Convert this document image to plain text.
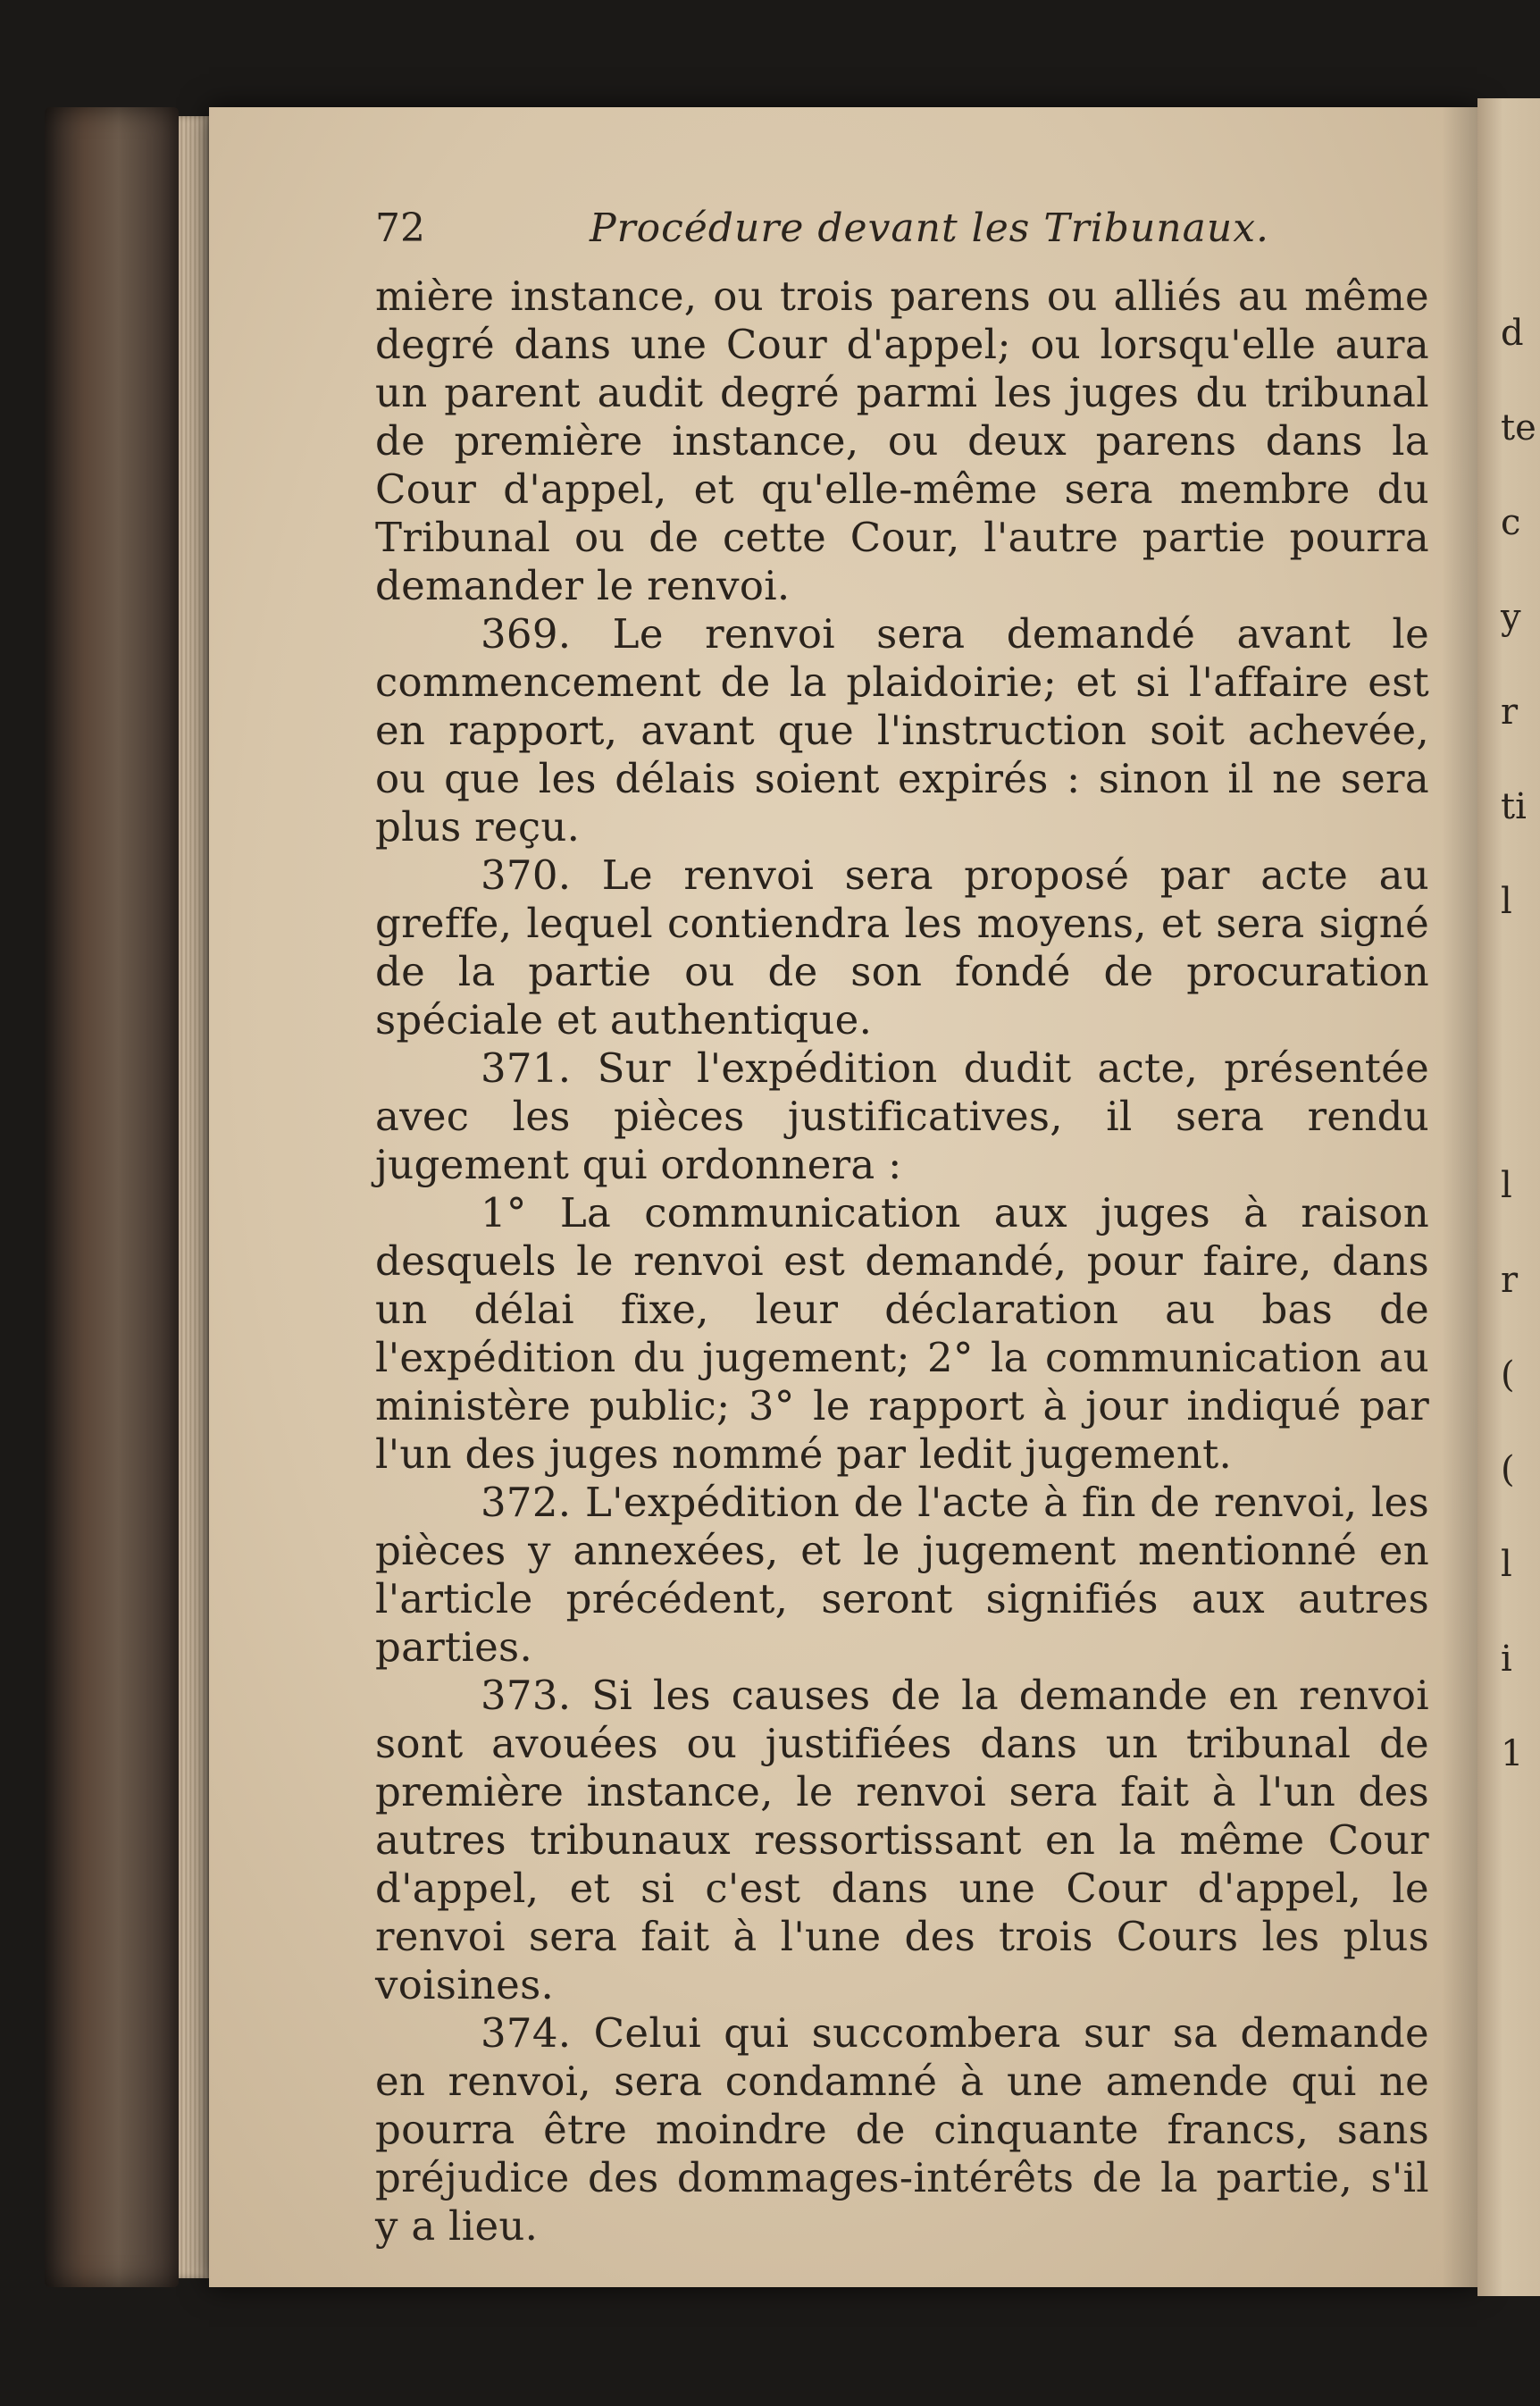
72	Procédure devant les Tribunaux.

mière instance, ou trois parens ou alliés au même degré dans une Cour d'appel; ou lorsqu'elle aura un parent audit degré parmi les juges du tribunal de première instance, ou deux parens dans la Cour d'appel, et qu'elle-même sera membre du Tribunal ou de cette Cour, l'autre partie pourra demander le renvoi.

369. Le renvoi sera demandé avant le commencement de la plaidoirie; et si l'affaire est en rapport, avant que l'instruction soit achevée, ou que les délais soient expirés : sinon il ne sera plus reçu.

370. Le renvoi sera proposé par acte au greffe, lequel contiendra les moyens, et sera signé de la partie ou de son fondé de procuration spéciale et authentique.

371. Sur l'expédition dudit acte, présentée avec les pièces justificatives, il sera rendu jugement qui ordonnera :

1° La communication aux juges à raison desquels le renvoi est demandé, pour faire, dans un délai fixe, leur déclaration au bas de l'expédition du jugement; 2° la communication au ministère public; 3° le rapport à jour indiqué par l'un des juges nommé par ledit jugement.

372. L'expédition de l'acte à fin de renvoi, les pièces y annexées, et le jugement mentionné en l'article précédent, seront signifiés aux autres parties.

373. Si les causes de la demande en renvoi sont avouées ou justifiées dans un tribunal de première instance, le renvoi sera fait à l'un des autres tribunaux ressortissant en la même Cour d'appel, et si c'est dans une Cour d'appel, le renvoi sera fait à l'une des trois Cours les plus voisines.

374. Celui qui succombera sur sa demande en renvoi, sera condamné à une amende qui ne pourra être moindre de cinquante francs, sans préjudice des dommages-intérêts de la partie, s'il y a lieu.

d
te
c
y
r
ti
l
l
r
(
(
l
i
1
